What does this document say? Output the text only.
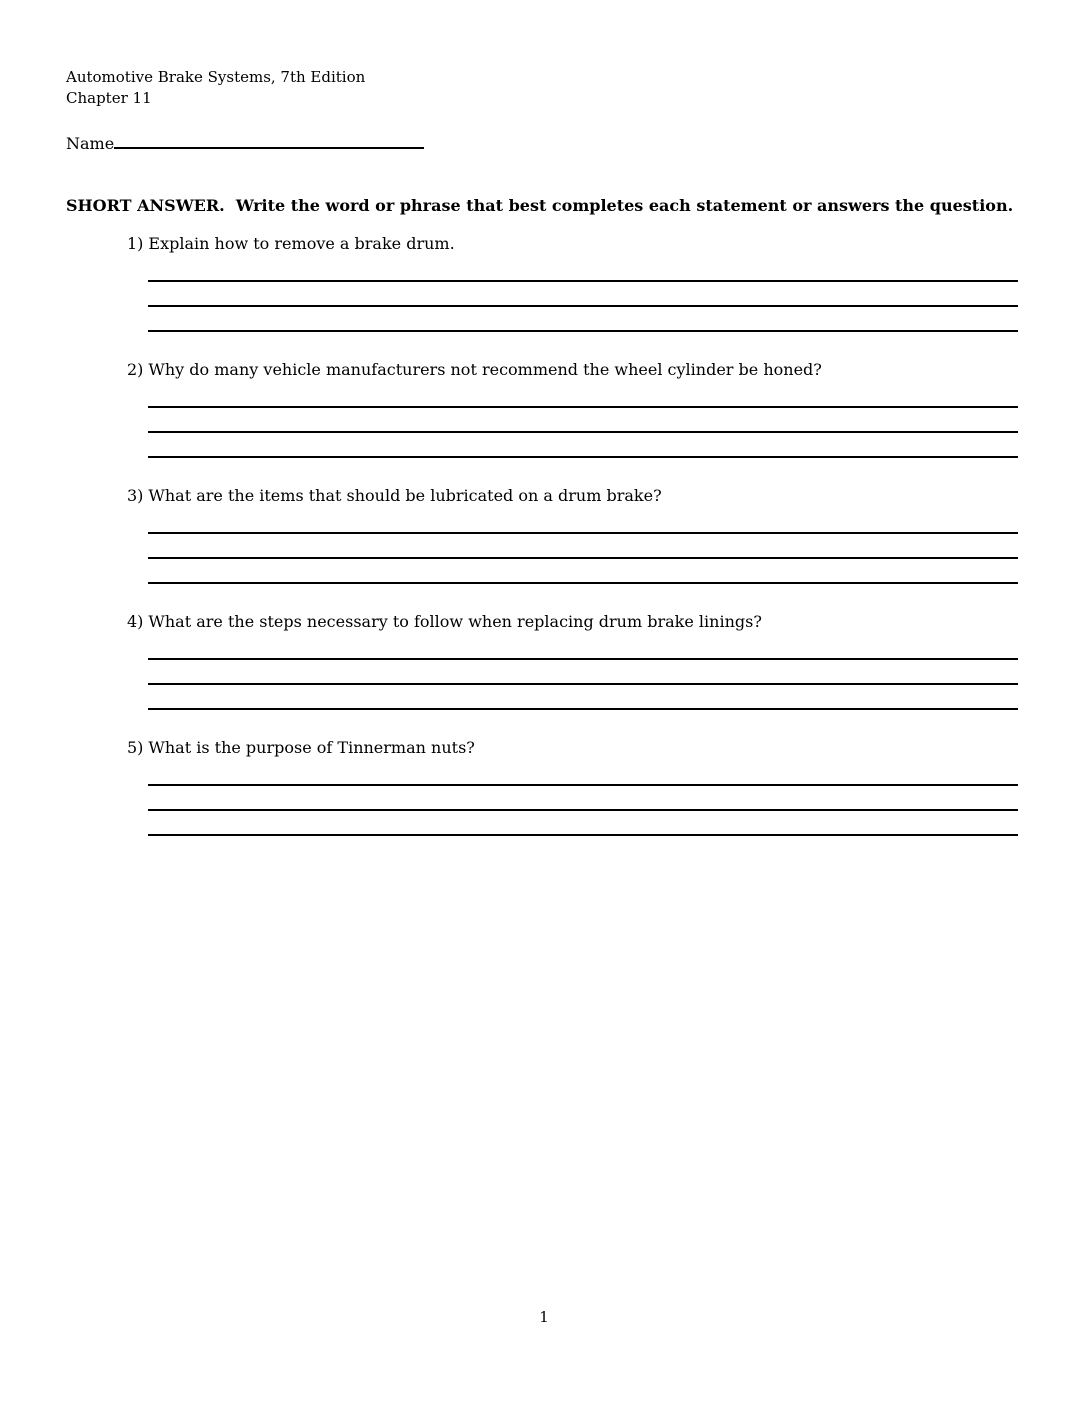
Automotive Brake Systems, 7th Edition
Chapter 11
Name
SHORT ANSWER.  Write the word or phrase that best completes each statement or answers the question.
1) Explain how to remove a brake drum.
2) Why do many vehicle manufacturers not recommend the wheel cylinder be honed?
3) What are the items that should be lubricated on a drum brake?
4) What are the steps necessary to follow when replacing drum brake linings?
5) What is the purpose of Tinnerman nuts?
1
